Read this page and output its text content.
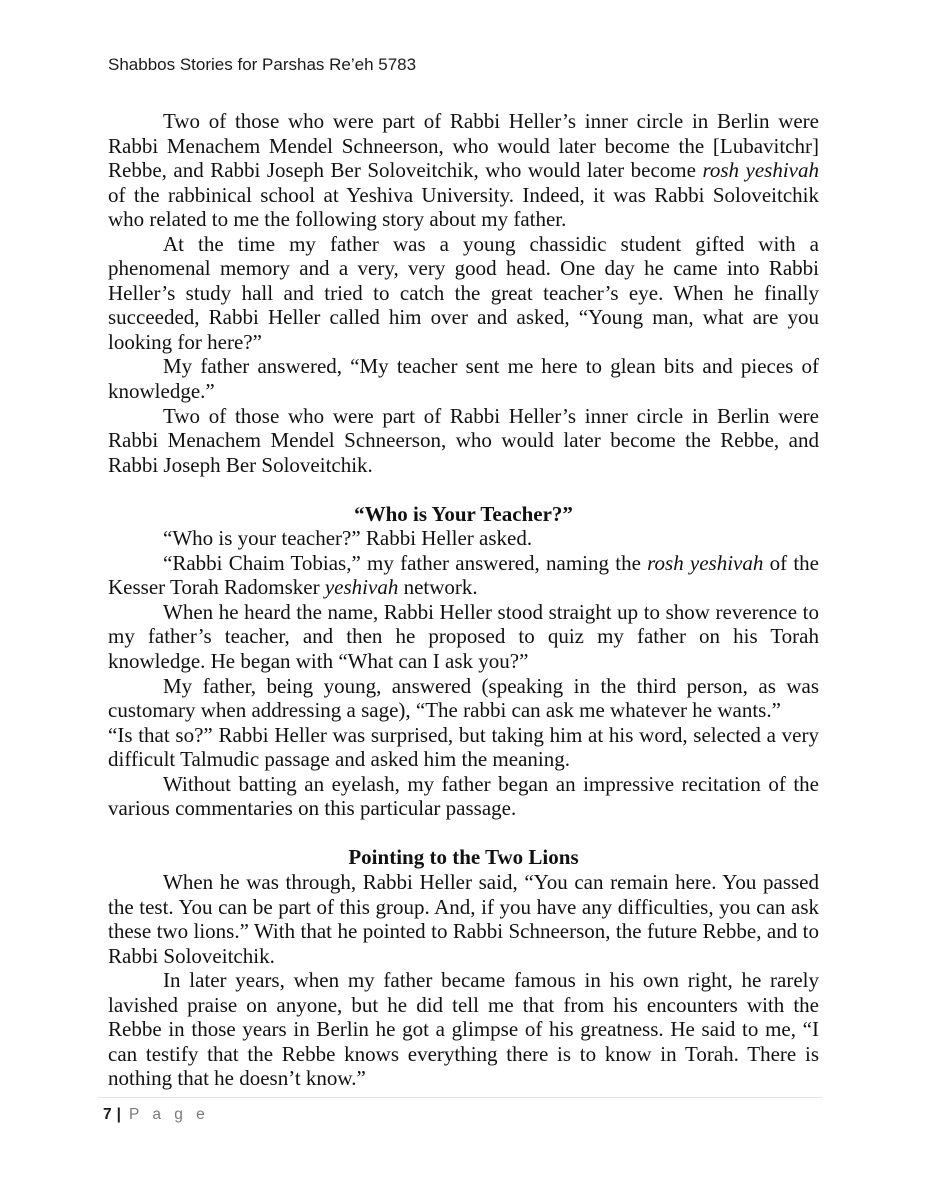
Shabbos Stories for Parshas Re’eh 5783
Two of those who were part of Rabbi Heller’s inner circle in Berlin were Rabbi Menachem Mendel Schneerson, who would later become the [Lubavitchr] Rebbe, and Rabbi Joseph Ber Soloveitchik, who would later become rosh yeshivah of the rabbinical school at Yeshiva University. Indeed, it was Rabbi Soloveitchik who related to me the following story about my father.
At the time my father was a young chassidic student gifted with a phenomenal memory and a very, very good head. One day he came into Rabbi Heller’s study hall and tried to catch the great teacher’s eye. When he finally succeeded, Rabbi Heller called him over and asked, “Young man, what are you looking for here?”
My father answered, “My teacher sent me here to glean bits and pieces of knowledge.”
Two of those who were part of Rabbi Heller’s inner circle in Berlin were Rabbi Menachem Mendel Schneerson, who would later become the Rebbe, and Rabbi Joseph Ber Soloveitchik.
“Who is Your Teacher?”
“Who is your teacher?” Rabbi Heller asked.
“Rabbi Chaim Tobias,” my father answered, naming the rosh yeshivah of the Kesser Torah Radomsker yeshivah network.
When he heard the name, Rabbi Heller stood straight up to show reverence to my father’s teacher, and then he proposed to quiz my father on his Torah knowledge. He began with “What can I ask you?”
My father, being young, answered (speaking in the third person, as was customary when addressing a sage), “The rabbi can ask me whatever he wants.”
“Is that so?” Rabbi Heller was surprised, but taking him at his word, selected a very difficult Talmudic passage and asked him the meaning.
Without batting an eyelash, my father began an impressive recitation of the various commentaries on this particular passage.
Pointing to the Two Lions
When he was through, Rabbi Heller said, “You can remain here. You passed the test. You can be part of this group. And, if you have any difficulties, you can ask these two lions.” With that he pointed to Rabbi Schneerson, the future Rebbe, and to Rabbi Soloveitchik.
In later years, when my father became famous in his own right, he rarely lavished praise on anyone, but he did tell me that from his encounters with the Rebbe in those years in Berlin he got a glimpse of his greatness. He said to me, “I can testify that the Rebbe knows everything there is to know in Torah. There is nothing that he doesn’t know.”
7 | P a g e
